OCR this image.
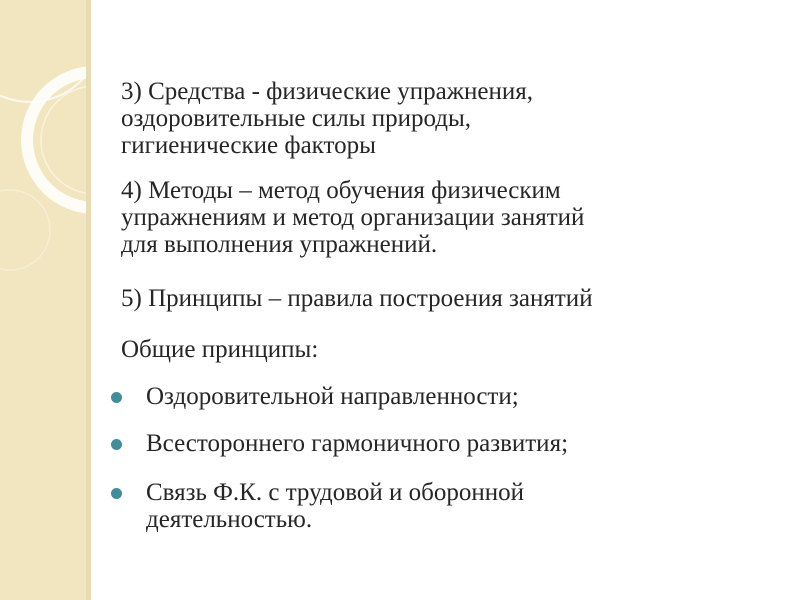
3) Средства - физические упражнения,
оздоровительные силы природы,
гигиенические факторы

4) Методы – метод обучения физическим
упражнениям и метод организации занятий
для выполнения упражнений.

5) Принципы – правила построения занятий

Общие принципы:

Оздоровительной направленности;
Всестороннего гармоничного развития;
Связь Ф.К. с трудовой и оборонной
деятельностью.
